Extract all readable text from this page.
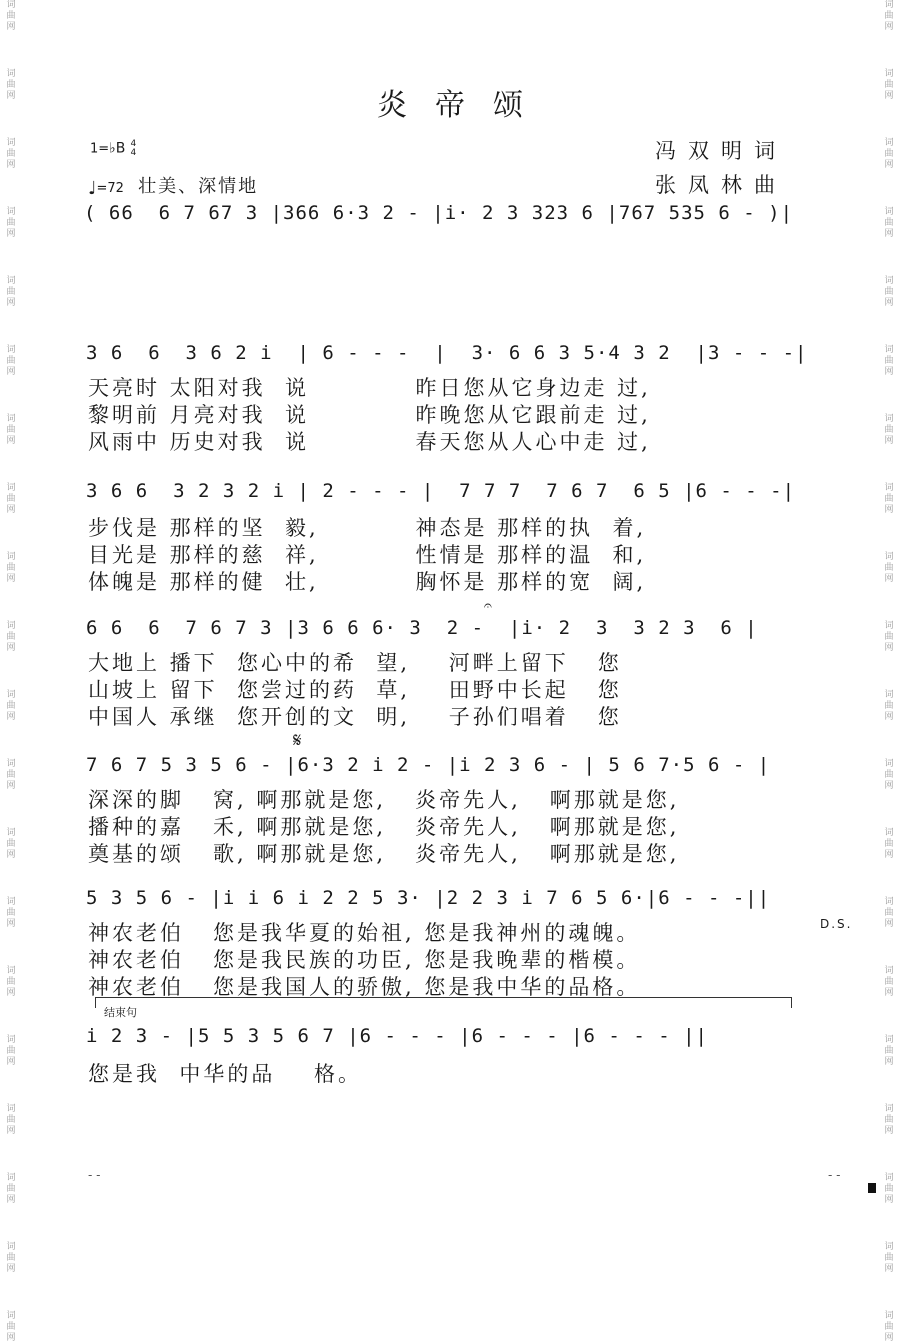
词
曲
网
词
曲
网
词
曲
网
词
曲
网
词
曲
网
词
曲
网
词
曲
网
词
曲
网
词
曲
网
词
曲
网
词
曲
网
词
曲
网
词
曲
网
词
曲
网
词
曲
网
词
曲
网
词
曲
网
词
曲
网
词
曲
网
词
曲
网
词
曲
网
词
曲
网
词
曲
网
词
曲
网
词
曲
网
词
曲
网
词
曲
网
词
曲
网
词
曲
网
词
曲
网
词
曲
网
词
曲
网
词
曲
网
词
曲
网
词
曲
网
词
曲
网
词
曲
网
词
曲
网
词
曲
网
词
曲
网
炎帝颂
冯双明词
张凤林曲
1=♭B 4
4
♩=72 壮美、深情地
( 66  6 7 67 3 |366 6·3 2 - |i· 2 3 323 6 |767 535 6 - )|
3 6  6  3 6 2 i  | 6 - - -  |  3· 6 6 3 5·4 3 2  |3 - - -|
天亮时 太阳对我  说           昨日您从它身边走 过,
黎明前 月亮对我  说           昨晚您从它跟前走 过,
风雨中 历史对我  说           春天您从人心中走 过,
3 6 6  3 2 3 2 i | 2 - - - |  7 7 7  7 6 7  6 5 |6 - - -|
步伐是 那样的坚  毅,          神态是 那样的执  着,
目光是 那样的慈  祥,          性情是 那样的温  和,
体魄是 那样的健  壮,          胸怀是 那样的宽  阔,
𝄐
6 6  6  7 6 7 3 |3 6 6 6· 3  2 -  |i· 2  3  3 2 3  6 |
大地上 播下  您心中的希  望,    河畔上留下   您
山坡上 留下  您尝过的药  草,    田野中长起   您
中国人 承继  您开创的文  明,    子孙们唱着   您
𝄋
7 6 7 5 3 5 6 - |6·3 2 i 2 - |i 2 3 6 - | 5 6 7·5 6 - |
深深的脚   窝, 啊那就是您,   炎帝先人,   啊那就是您,
播种的嘉   禾, 啊那就是您,   炎帝先人,   啊那就是您,
奠基的颂   歌, 啊那就是您,   炎帝先人,   啊那就是您,
5 3 5 6 - |i i 6 i 2 2 5 3· |2 2 3 i 7 6 5 6·|6 - - -||
D.S.
神农老伯   您是我华夏的始祖, 您是我神州的魂魄。
神农老伯   您是我民族的功臣, 您是我晚辈的楷模。
神农老伯   您是我国人的骄傲, 您是我中华的品格。
结束句
i 2 3 - |5 5 3 5 6 7 |6 - - - |6 - - - |6 - - - ||
您是我  中华的品    格。
- -	- -
